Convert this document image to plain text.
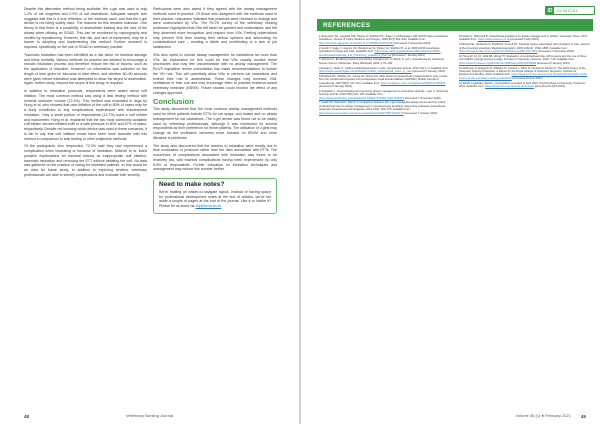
Despite this alternative method being available, the v-gel was used in only 1.2% of cat surgeries and 0.9% of cat castrations. Adequate sample size suggests that this is a true reflection of the methods used, and that the v-gel device is not being widely used. The reasons for this remains unknown. One theory is that there is a possibility of anaesthetic training and the lack of the airway when utilising an SGAD. This can be monitored by capnography and verified by repositioning. However, this risk, and lack of equipment, may be a barrier to adopting and implementing this method. Further research is required, specifically on the use of SGAD in veterinary practice.

Traumatic intubation has been identified as a risk factor for tracheal damage and feline mortality. Various methods for practice are advised to encourage a smooth intubation process and therefore reduce the risk of trauma, such as the application of lidocaine. However, no information was collected on the length of time given for lidocaine to take effect, and whether 60–90 seconds were given before intubation was attempted to allow the larynx to desensitise. Again, further study, beyond the scope of this study, is required.

In addition to intubation protocols, respondents were asked about cuff inflation. The most common method was using a leak testing method with minimal occlusive volume (72.4%). This method was evaluated in dogs by Hung et al. who showed that over-inflation of the cuff in 80% of cases may be a likely contributor to any complications experienced with endotracheal intubation. Only a small portion of respondents (12.7%) used a cuff inflator and manometer. Hung et al. explained that the two most commonly available cuff inflator devices inflated cuffs to a safe pressure in 50% and 67% of cases, respectively. Despite not knowing which device was used in these scenarios, it is fair to say that cuff inflation would have been more accurate with this method in comparison to leak testing or other subjective methods.

Of the participants who responded, 72.2% said they had experienced a complication when intubating or because of intubation. Mitchell et al. listed possible explanations for tracheal trauma as inappropriate cuff inflation, traumatic intubation and removing the ETT without deflating the cuff. No data was gathered on the practice of caring for intubated patients, so this would be an area for future study, in addition to exploring whether veterinary professionals are able to identify complications and evaluate their severity.

Participants were also asked if they agreed with the airway management methods used in practice. Of those who disagreed with the methods used in their practice, responses indicated that practices were reluctant to change and were undervalued by VSs. The RCVS survey of the veterinary nursing profession highlighted that VNs felt taken for granted and undervalued, and felt they deserved more recognition and respect from VSs. Feeling undervalued may prevent VNs from sharing their clinical opinions and advocating for contextualised care – creating a divide and contributing to a lack of job satisfaction.

VNs also opted to choose airway management for castrations far more than VSs. An explanation for this could be that VNs usually monitor these procedures and may feel uncomfortable with no airway management. The RCVS legislative reform consultation has made recommendations to bolster the VN role. This will potentially allow VNs to perform cat castrations and extend their role in anaesthesia. These changes may increase VNs' confidence in their role and may encourage them to practise evidence-based veterinary medicine (EBVM). Future studies could monitor the effect of any changes approved.

Conclusion

This study discovered that the most common airway management methods used for feline patients include ETTs for cat spays, and masks and no airway management for cat castrations. The v-gel device was found not to be widely used by veterinary professionals, although it was mentioned by several respondents as their preference for feline patients. The utilisation of v-gels may change as the profession becomes more focused on EBVM and more literature is published.

The study also discovered that the barriers to intubation were mostly due to time constraints or protocols rather than the risks associated with ETTs. The occurrence of complications associated with intubation was found to be relatively low, with tracheal complications having been experienced by only 5.6% of respondents. Further education on intubation techniques and management may reduce this number further.

Need to make notes?
We're trialling an easier-to-navigate layout. Instead of having space for professional development notes at the end of articles, we've set aside a couple of pages at the end of the journal. Like it or loathe it? Please let us know via vnj@bvna.co.uk
48	Veterinary Nursing Journal
ID	CLINICAL
REFERENCES
1 Robertson SA, Gogolski SM, Pascoe P, Shafford HL, Sager J, Griffenhagen GM. AAFP Feline Anesthesia Guidelines. Journal of Feline Medicine and Surgery. 2018;20(7):602–634. Available from: https://journals.sagepub.com/doi/10.1177/1098612X18781391 [Accessed 7 November 2020].
2 Grubb T, Sager J, Gaynor JS, Montgomery E, Parker JA, Shafford H, et al. 2020 AAHA Anesthesia Guidelines for Dogs and Cats. Available from: https://www.aaha.org/globalassets/02-guidelines/2020-anesthesia/anesthesia_and_monitoring_guidelines_final.pdf [Accessed 7 January 2021].
3 Johnson C. Breathing systems and airway management. In: Bertin K, (ed.). Anaesthesia for Veterinary Nurses 2nd ed. Chichester: Wiley-Blackwell; 2009. p.79–109.
4 Rawal G, Yadav S. Cuffed endotracheal tubes in cats. Comparative Animal. 2014;7(2):1–3. Available from: https://www.researchgate.net/publication/cuffed_endotracheal_tubes_in_cats [Accessed 5 January 2021].
5 Brodbelt DC, Pfeiffer DU, Young LE, Wood JLN. Risk factors for anaesthetic-related death in cats: results from the confidential enquiries into perioperative small animal fatalities (CEPSAF). British Journal of Anaesthesia. 2007;99(5): 617–623. Available from: https://academic.oup.com/bja/article/99/5/617/336646 [Accessed 5 January 2021].
6 Sedgwick L. Understanding and improving airway management in companion animals – part 2. Veterinary Nursing Journal. 2018;33(5):141–145. Available from: https://www.tandfonline.com/doi/abs/10.1080/17415349.2018.1436346 [Accessed 7 November 2020].
7 Gadd ON, Kiacouli K, Ray R. A comparison between the v-gel supraglottic airway device and the cuffed endotracheal tube for airway management in spontaneously breathing cats during isoflurane anaesthesia. Veterinary Anaesthesia and Analgesia. 2014;41(4): 369–375. Available from: https://www.sciencedirect.com/science/article/pii/S1467298714000178 [Accessed 7 January 2021].
8 Kaseth K, McDonell B. Anaesthesia guidelines for airway management in rabbits. Veterinary Times. 2017. Available from: https://www.vettimes.co.uk [Accessed 5 April 2021].
9 Mitchell SL, McCarthy R, Rudloff E, Pernell RT. Tracheal rupture associated with intubation in cats. Journal of the American Veterinary Medical Association. 2000;216(10): 1592–1595. Available from: https://avmajournals.avma.org/doi/10.2460/javma.2000.216.1592 [Accessed 7 November 2020].
10 Hung W, Ko JC, Weil AB, Weng HY. Evaluation of endotracheal tube cuff pressure and the use of three cuff inflation syringe devices in dogs. Frontiers in Veterinary Science. 2020; 7:39. Available from: https://www.frontiersin.org/articles/10.3389/fvets.2020.00039/full [Accessed 5 January 2021].
11 Robinson D, Edwards M, Williams M, Cockett J, Hirsh D, Hudson R, Morton A. The 2019 Survey of the Veterinary Nursing Profession: A Report for the Royal College of Veterinary Surgeons. Institute for Employment Studies; 2019. Available from: https://www.rcvs.org.uk/news-and-views/publications/the-2019-survey-of-the-veterinary-nursing-profession/ [Accessed 15 April 2021].
12 RCVS Legislative Reform. Consultation extended to April 2021. Royal College of Veterinary Surgeons; 2021. Available from: https://www.rcvs.org.uk/news-and-views/ [Accessed 16 April 2021].
Volume 36 (1) ● February 2021 49
